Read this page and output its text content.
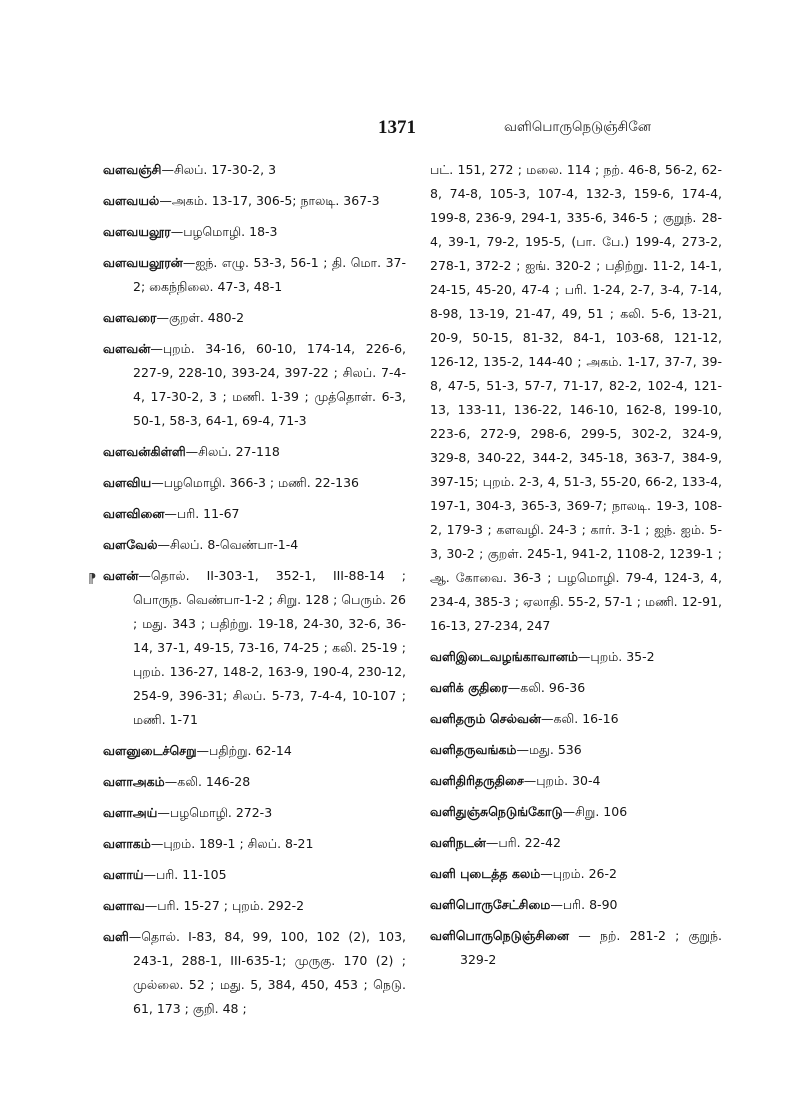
1371	வளிபொருநெடுஞ்சினே
⁋

வளவஞ்சி—சிலப். 17-30-2, 3

வளவயல்—அகம். 13-17, 306-5; நாலடி. 367-3

வளவயலூர—பழமொழி. 18-3

வளவயலூரன்—ஐந். எழு. 53-3, 56-1 ; தி. மொ. 37-2; கைந்நிலை. 47-3, 48-1

வளவரை—குறள். 480-2

வளவன்—புறம். 34-16, 60-10, 174-14, 226-6, 227-9, 228-10, 393-24, 397-22 ; சிலப். 7-4-4, 17-30-2, 3 ; மணி. 1-39 ; முத்தொள். 6-3, 50-1, 58-3, 64-1, 69-4, 71-3

வளவன்கிள்ளி—சிலப். 27-118

வளவிய—பழமொழி. 366-3 ; மணி. 22-136

வளவினை—பரி. 11-67

வளவேல்—சிலப். 8-வெண்பா-1-4

வளன்—தொல். II-303-1, 352-1, III-88-14 ; பொருந. வெண்பா-1-2 ; சிறு. 128 ; பெரும். 26 ; மது. 343 ; பதிற்று. 19-18, 24-30, 32-6, 36-14, 37-1, 49-15, 73-16, 74-25 ; கலி. 25-19 ; புறம். 136-27, 148-2, 163-9, 190-4, 230-12, 254-9, 396-31; சிலப். 5-73, 7-4-4, 10-107 ; மணி. 1-71

வளனுடைச்செறு—பதிற்று. 62-14

வளாஅகம்—கலி. 146-28

வளாஅய்—பழமொழி. 272-3

வளாகம்—புறம். 189-1 ; சிலப். 8-21

வளாய்—பரி. 11-105

வளாவ—பரி. 15-27 ; புறம். 292-2

வளி—தொல். I-83, 84, 99, 100, 102 (2), 103, 243-1, 288-1, III-635-1; முருகு. 170 (2) ; முல்லை. 52 ; மது. 5, 384, 450, 453 ; நெடு. 61, 173 ; குறி. 48 ;

பட். 151, 272 ; மலை. 114 ; நற். 46-8, 56-2, 62-8, 74-8, 105-3, 107-4, 132-3, 159-6, 174-4, 199-8, 236-9, 294-1, 335-6, 346-5 ; குறுந். 28-4, 39-1, 79-2, 195-5, (பா. பே.) 199-4, 273-2, 278-1, 372-2 ; ஐங். 320-2 ; பதிற்று. 11-2, 14-1, 24-15, 45-20, 47-4 ; பரி. 1-24, 2-7, 3-4, 7-14, 8-98, 13-19, 21-47, 49, 51 ; கலி. 5-6, 13-21, 20-9, 50-15, 81-32, 84-1, 103-68, 121-12, 126-12, 135-2, 144-40 ; அகம். 1-17, 37-7, 39-8, 47-5, 51-3, 57-7, 71-17, 82-2, 102-4, 121-13, 133-11, 136-22, 146-10, 162-8, 199-10, 223-6, 272-9, 298-6, 299-5, 302-2, 324-9, 329-8, 340-22, 344-2, 345-18, 363-7, 384-9, 397-15; புறம். 2-3, 4, 51-3, 55-20, 66-2, 133-4, 197-1, 304-3, 365-3, 369-7; நாலடி. 19-3, 108-2, 179-3 ; களவழி. 24-3 ; கார். 3-1 ; ஐந். ஐம். 5-3, 30-2 ; குறள். 245-1, 941-2, 1108-2, 1239-1 ; ஆ. கோவை. 36-3 ; பழமொழி. 79-4, 124-3, 4, 234-4, 385-3 ; ஏலாதி. 55-2, 57-1 ; மணி. 12-91, 16-13, 27-234, 247

வளிஇடைவழங்காவானம்—புறம். 35-2

வளிக் குதிரை—கலி. 96-36

வளிதரும் செல்வன்—கலி. 16-16

வளிதருவங்கம்—மது. 536

வளிதிரிதருதிசை—புறம். 30-4

வளிதுஞ்சுநெடுங்கோடு—சிறு. 106

வளிநடன்—பரி. 22-42

வளி புடைத்த கலம்—புறம். 26-2

வளிபொருசேட்சிமை—பரி. 8-90

வளிபொருநெடுஞ்சினை — நற். 281-2 ; குறுந். 329-2
